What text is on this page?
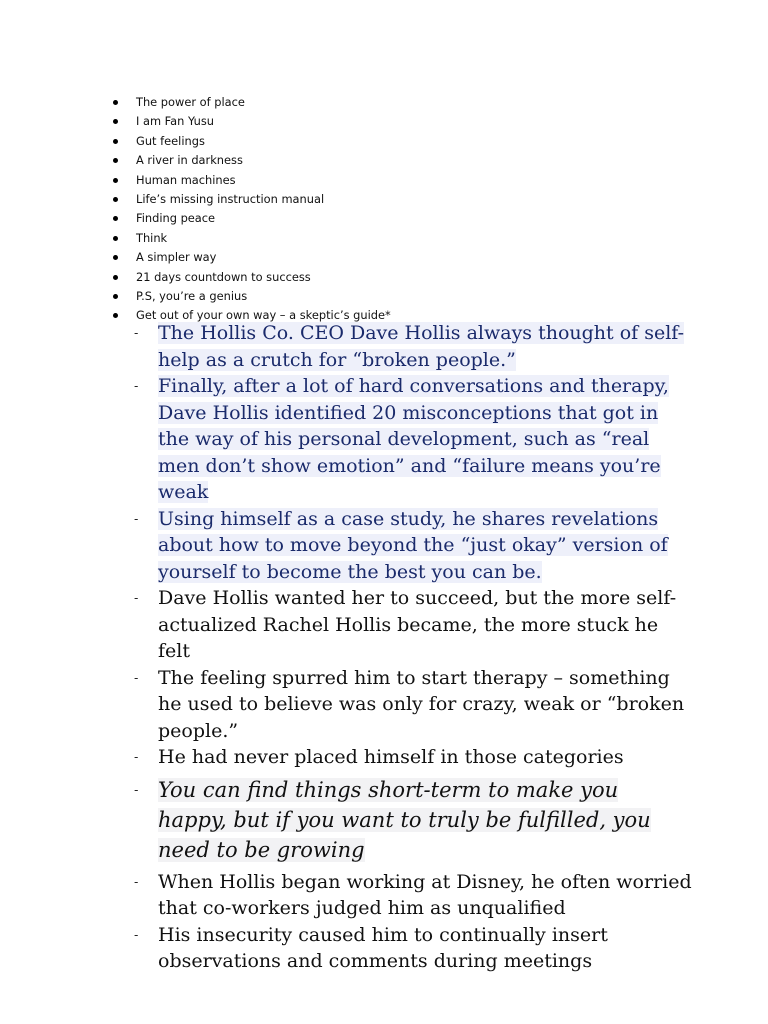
The power of place
I am Fan Yusu
Gut feelings
A river in darkness
Human machines
Life’s missing instruction manual
Finding peace
Think
A simpler way
21 days countdown to success
P.S, you’re a genius
Get out of your own way – a skeptic’s guide*
- The Hollis Co. CEO Dave Hollis always thought of self-help as a crutch for “broken people.”
- Finally, after a lot of hard conversations and therapy, Dave Hollis identified 20 misconceptions that got in the way of his personal development, such as “real men don’t show emotion” and “failure means you’re weak
- Using himself as a case study, he shares revelations about how to move beyond the “just okay” version of yourself to become the best you can be.
- Dave Hollis wanted her to succeed, but the more self-actualized Rachel Hollis became, the more stuck he felt
- The feeling spurred him to start therapy – something he used to believe was only for crazy, weak or “broken people.”
- He had never placed himself in those categories
- You can find things short-term to make you happy, but if you want to truly be fulfilled, you need to be growing
- When Hollis began working at Disney, he often worried that co-workers judged him as unqualified
- His insecurity caused him to continually insert observations and comments during meetings
